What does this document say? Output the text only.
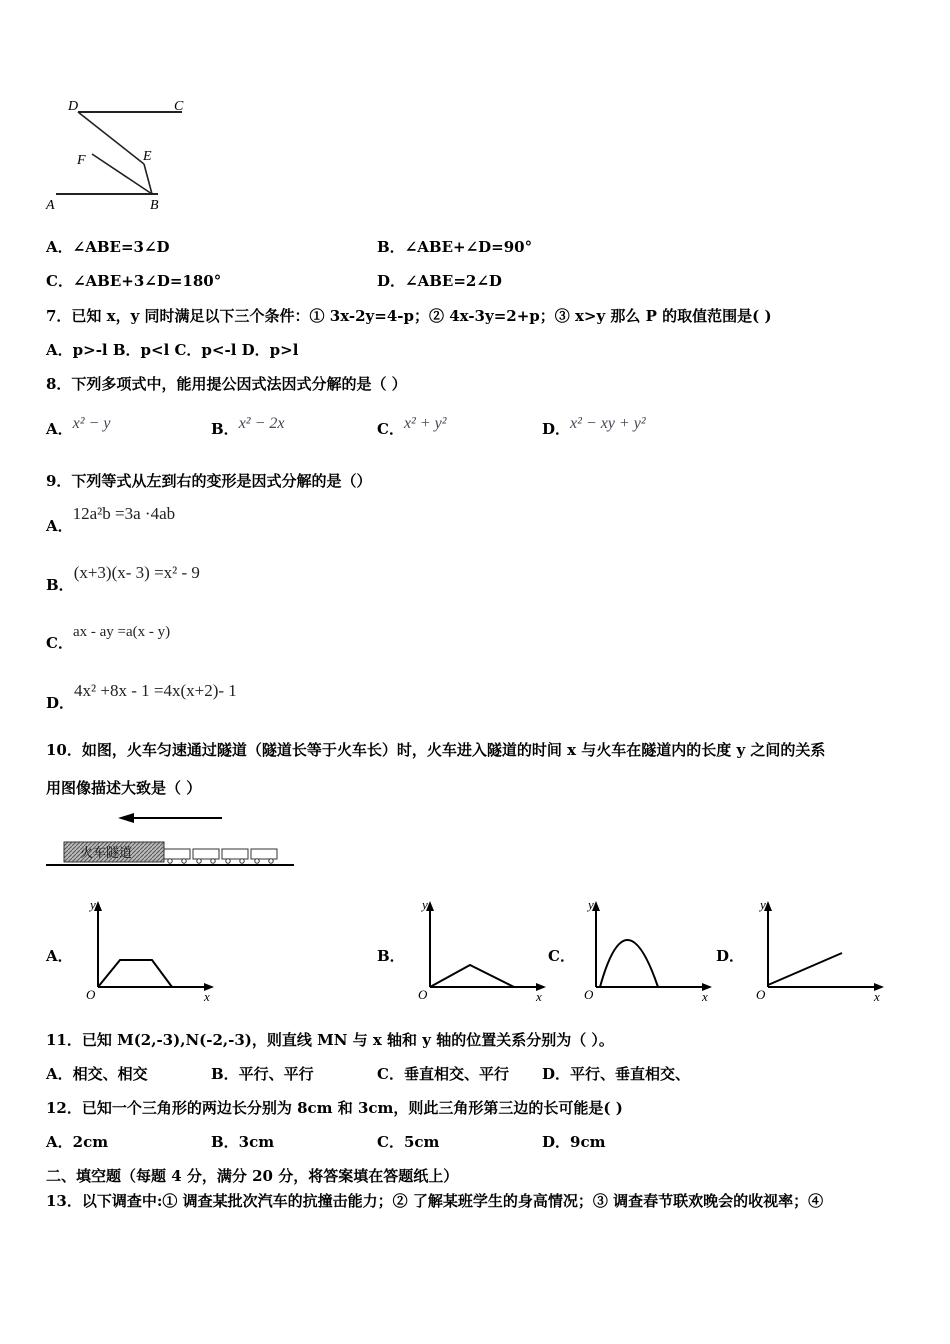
D	C
E
F
A	B
A．∠ABE=3∠D	B．∠ABE+∠D=90°
C．∠ABE+3∠D=180°	D．∠ABE=2∠D
7．已知 x，y 同时满足以下三个条件：① 3x-2y=4-p；② 4x-3y=2+p；③ x>y 那么 P 的取值范围是( )
A．p>-l B．p<l C．p<-l D．p>l
8．下列多项式中，能用提公因式法因式分解的是（ ）
A．x² − y	B．x² − 2x	C．x² + y²	D．x² − xy + y²
9．下列等式从左到右的变形是因式分解的是（）
A．12a²b =3a ·4ab
B．(x+3)(x- 3) =x² - 9
C．ax - ay =a(x - y)
D．4x² +8x - 1 =4x(x+2)- 1
10．如图，火车匀速通过隧道（隧道长等于火车长）时，火车进入隧道的时间 x 与火车在隧道内的长度 y 之间的关系
用图像描述大致是（ ）
火车隧道
A．
y
x
O
B．
y
x
O
C．
y
x
O
D．
y
x
O
11．已知 M(2,-3),N(-2,-3)，则直线 MN 与 x 轴和 y 轴的位置关系分别为（ ）。
A．相交、相交	B．平行、平行	C．垂直相交、平行 D．平行、垂直相交、
12．已知一个三角形的两边长分别为 8cm 和 3cm，则此三角形第三边的长可能是( )
A．2cm	B．3cm	C．5cm	D．9cm
二、填空题（每题 4 分，满分 20 分，将答案填在答题纸上）
13．以下调查中:① 调查某批次汽车的抗撞击能力；② 了解某班学生的身高情况；③ 调查春节联欢晚会的收视率；④
